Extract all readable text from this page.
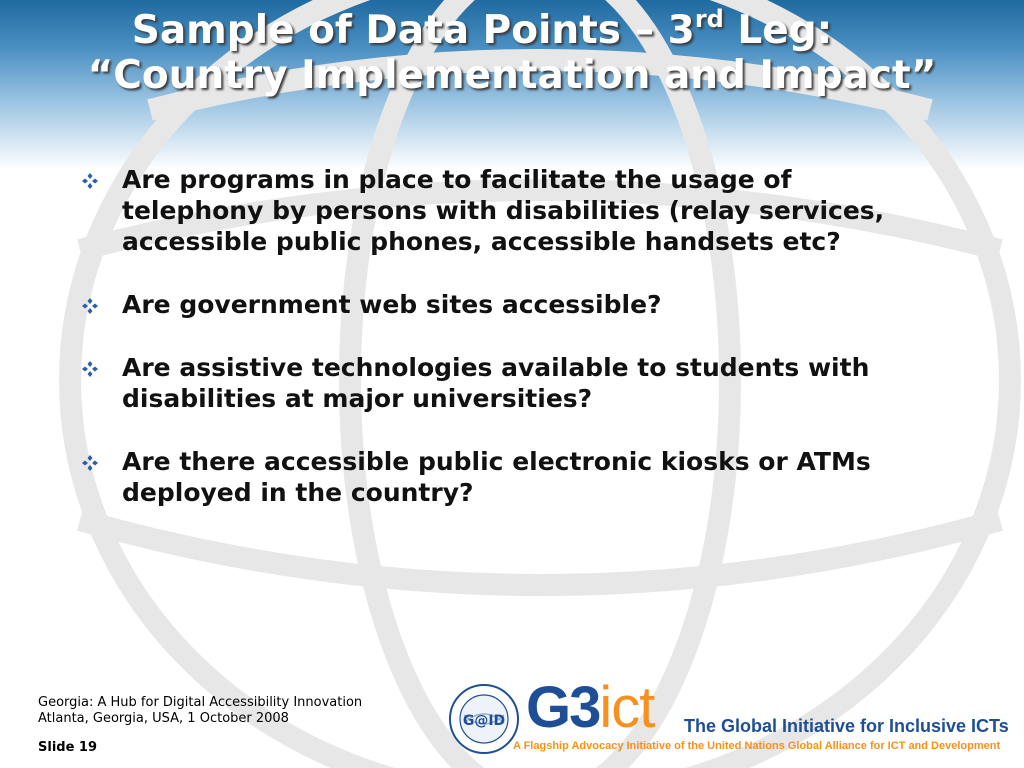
Sample of Data Points – 3rd Leg:
“Country Implementation and Impact”
Are programs in place to facilitate the usage of telephony by persons with disabilities (relay services, accessible public phones, accessible handsets etc?
Are government web sites accessible?
Are assistive technologies available to students with disabilities at major universities?
Are there accessible public electronic kiosks or ATMs deployed in the country?
Georgia: A Hub for Digital Accessibility Innovation
Atlanta, Georgia, USA, 1 October 2008
Slide 19
G@ID G3ict The Global Initiative for Inclusive ICTs
A Flagship Advocacy Initiative of the United Nations Global Alliance for ICT and Development
